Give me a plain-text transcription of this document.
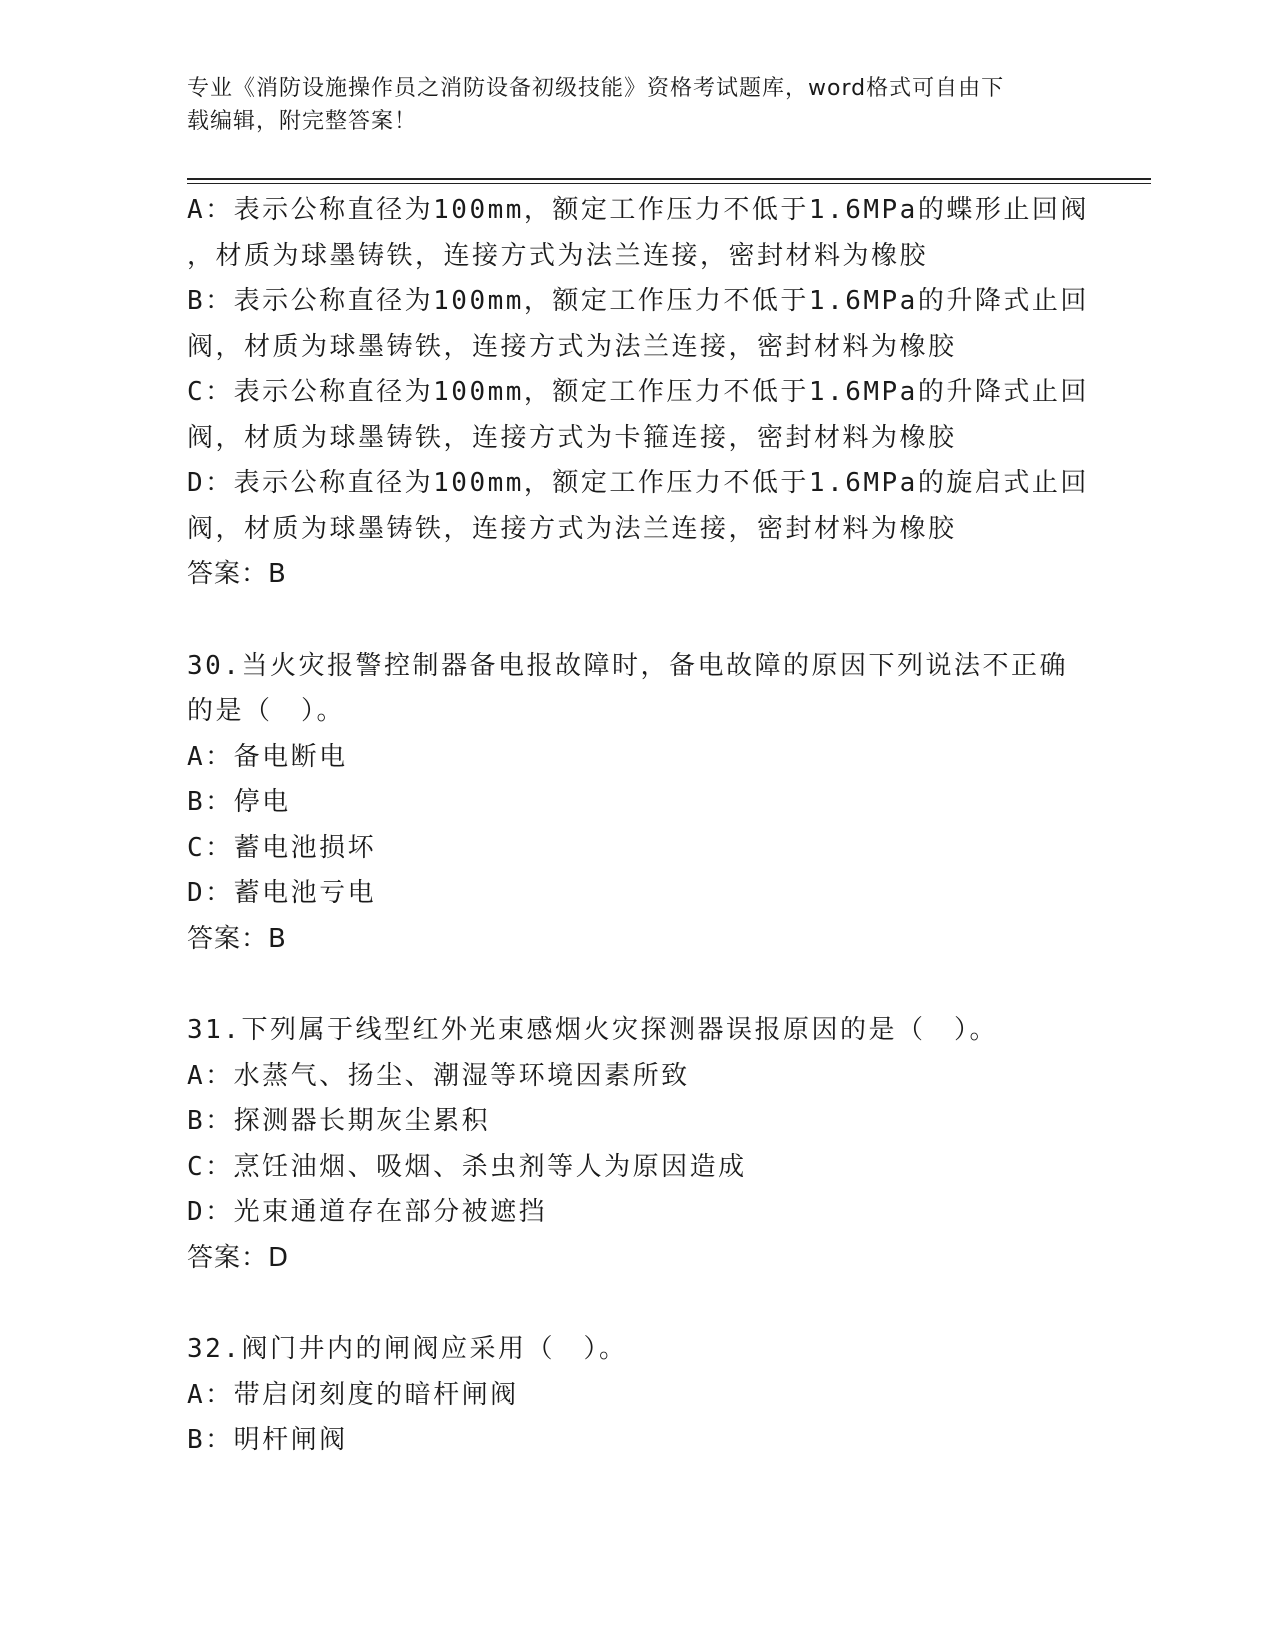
专业《消防设施操作员之消防设备初级技能》资格考试题库，word格式可自由下
载编辑，附完整答案！
A：表示公称直径为100mm，额定工作压力不低于1.6MPa的蝶形止回阀
，材质为球墨铸铁，连接方式为法兰连接，密封材料为橡胶
B：表示公称直径为100mm，额定工作压力不低于1.6MPa的升降式止回
阀，材质为球墨铸铁，连接方式为法兰连接，密封材料为橡胶
C：表示公称直径为100mm，额定工作压力不低于1.6MPa的升降式止回
阀，材质为球墨铸铁，连接方式为卡箍连接，密封材料为橡胶
D：表示公称直径为100mm，额定工作压力不低于1.6MPa的旋启式止回
阀，材质为球墨铸铁，连接方式为法兰连接，密封材料为橡胶
答案：B
30.当火灾报警控制器备电报故障时，备电故障的原因下列说法不正确
的是（　）。
A：备电断电
B：停电
C：蓄电池损坏
D：蓄电池亏电
答案：B
31.下列属于线型红外光束感烟火灾探测器误报原因的是（　）。
A：水蒸气、扬尘、潮湿等环境因素所致
B：探测器长期灰尘累积
C：烹饪油烟、吸烟、杀虫剂等人为原因造成
D：光束通道存在部分被遮挡
答案：D
32.阀门井内的闸阀应采用（　）。
A：带启闭刻度的暗杆闸阀
B：明杆闸阀
